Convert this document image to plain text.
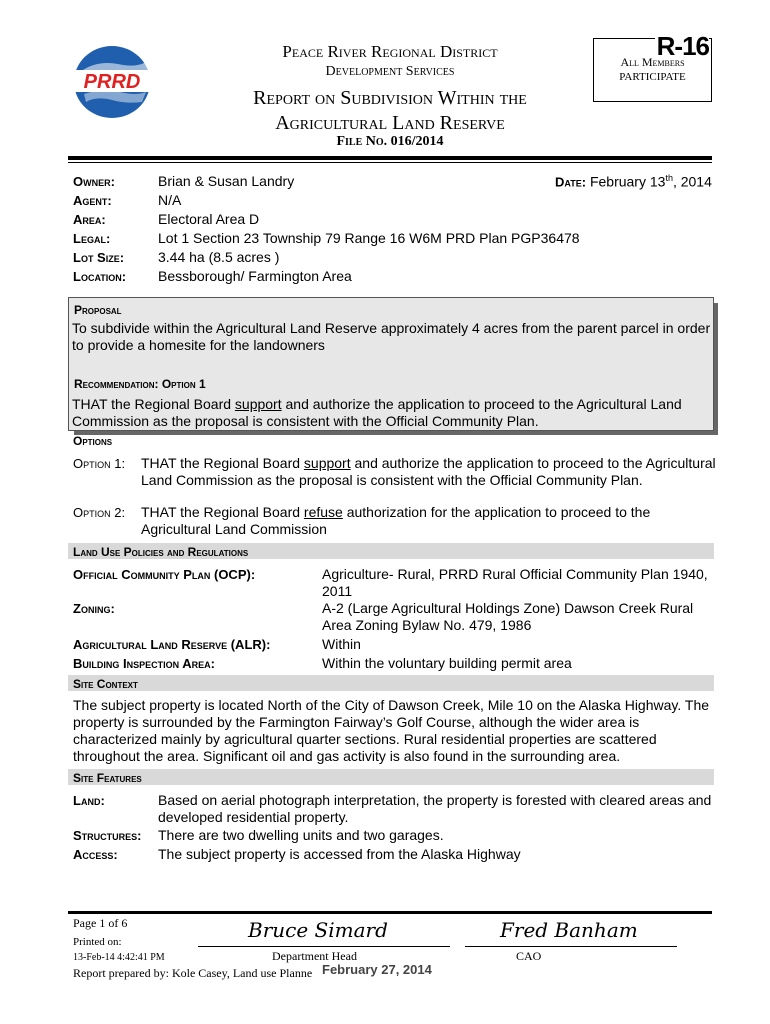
PRRD
Peace River Regional District
Development Services
Report on Subdivision Within the
Agricultural Land Reserve
File No. 016/2014
R-16
All Members
PARTICIPATE
Owner:	Brian & Susan Landry	Date: February 13th, 2014
Agent:	N/A
Area:	Electoral Area D
Legal:	Lot 1 Section 23 Township 79 Range 16 W6M PRD Plan PGP36478
Lot Size:	3.44 ha (8.5 acres )
Location:	Bessborough/ Farmington Area
Proposal
To subdivide within the Agricultural Land Reserve approximately 4 acres from the parent parcel in order
to provide a homesite for the landowners
Recommendation: Option 1
THAT the Regional Board support and authorize the application to proceed to the Agricultural Land
Commission as the proposal is consistent with the Official Community Plan.
Options
Option 1: THAT the Regional Board support and authorize the application to proceed to the Agricultural
Land Commission as the proposal is consistent with the Official Community Plan.
Option 2: THAT the Regional Board refuse authorization for the application to proceed to the
Agricultural Land Commission
Land Use Policies and Regulations
Official Community Plan (OCP):	Agriculture- Rural, PRRD Rural Official Community Plan 1940,
2011
Zoning:	A-2 (Large Agricultural Holdings Zone) Dawson Creek Rural
Area Zoning Bylaw No. 479, 1986
Agricultural Land Reserve (ALR):	Within
Building Inspection Area:	Within the voluntary building permit area
Site Context
The subject property is located North of the City of Dawson Creek, Mile 10 on the Alaska Highway. The
property is surrounded by the Farmington Fairway’s Golf Course, although the wider area is
characterized mainly by agricultural quarter sections. Rural residential properties are scattered
throughout the area. Significant oil and gas activity is also found in the surrounding area.
Site Features
Land:	Based on aerial photograph interpretation, the property is forested with cleared areas and
developed residential property.
Structures: There are two dwelling units and two garages.
Access:	The subject property is accessed from the Alaska Highway
Page 1 of 6
Printed on:
13-Feb-14 4:42:41 PM
Bruce Simard
Department Head
Fred Banham
CAO
Report prepared by: Kole Casey, Land use Planne February 27, 2014
